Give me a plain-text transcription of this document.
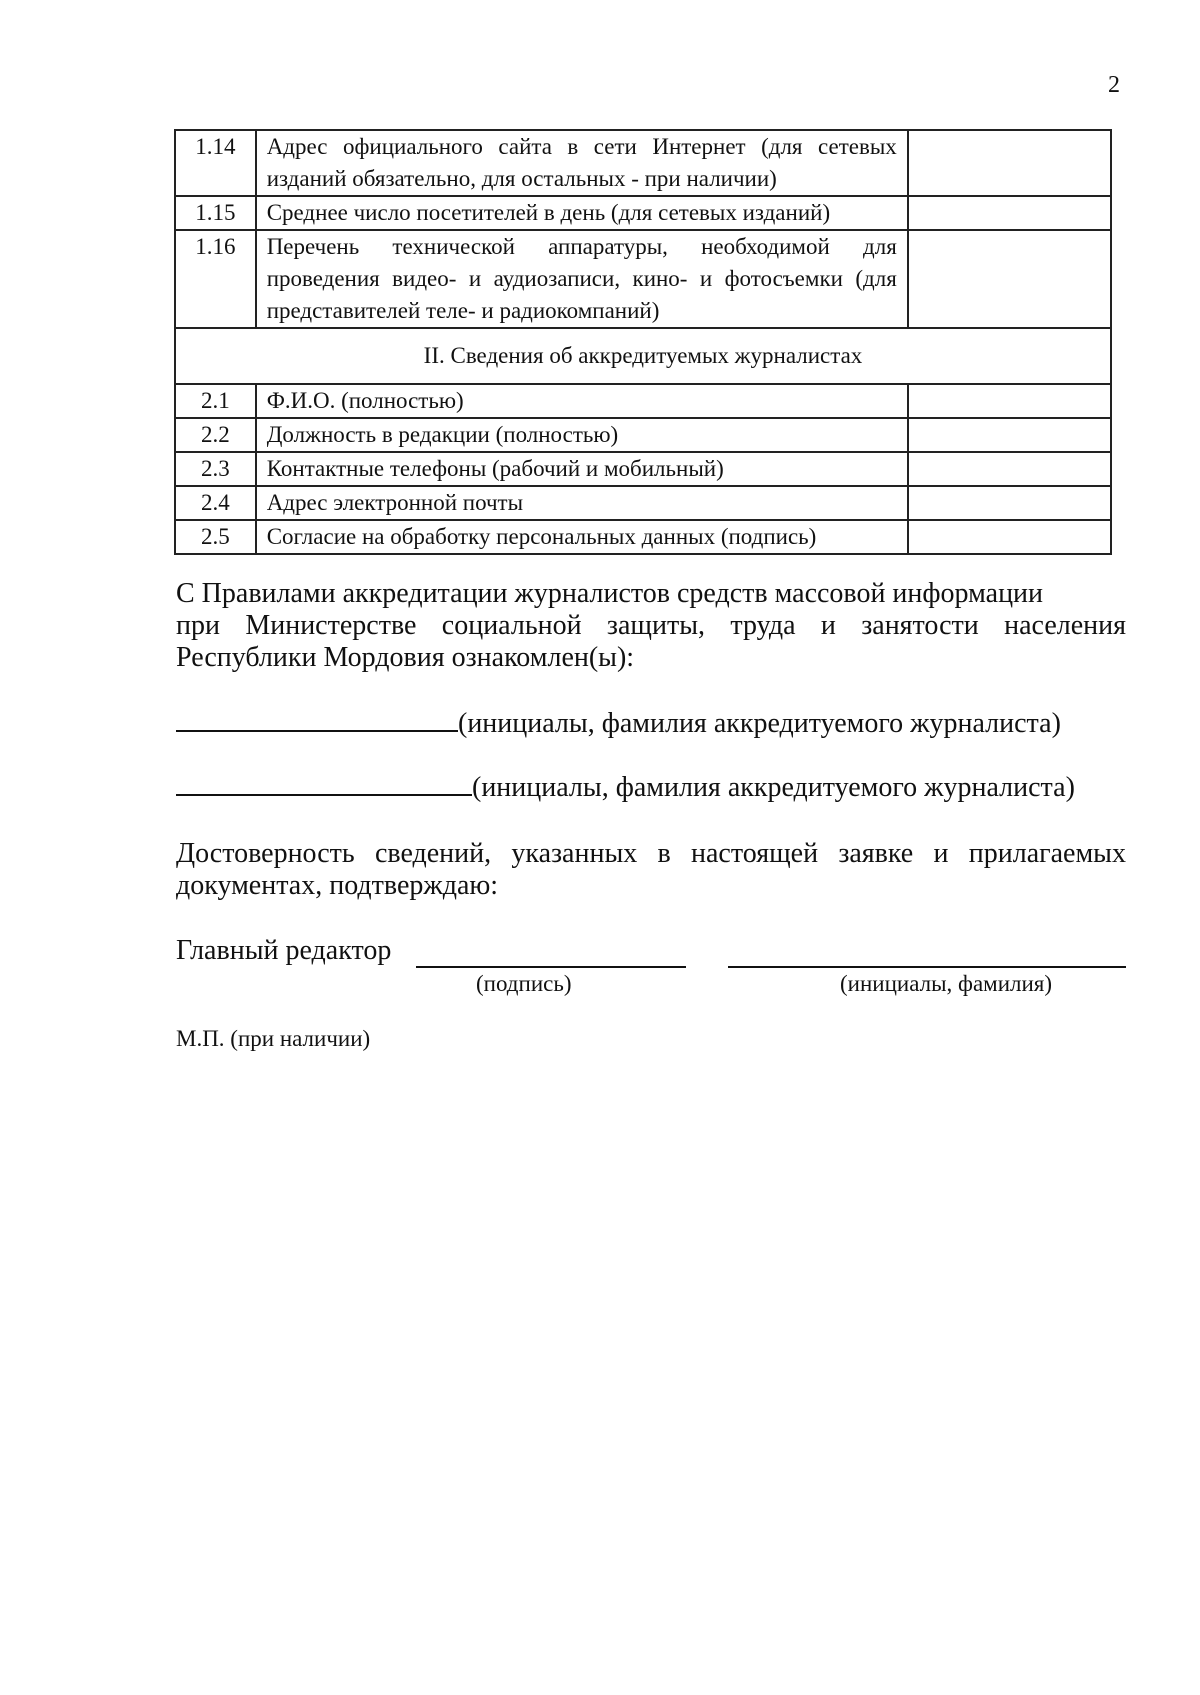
2
1.14	Адрес официального сайта в сети Интернет (для сетевых изданий обязательно, для остальных - при наличии)	
1.15	Среднее число посетителей в день (для сетевых изданий)	
1.16	Перечень технической аппаратуры, необходимой для проведения видео- и аудиозаписи, кино- и фотосъемки (для представителей теле- и радиокомпаний)	
II. Сведения об аккредитуемых журналистах		
2.1	Ф.И.О. (полностью)	
2.2	Должность в редакции (полностью)	
2.3	Контактные телефоны (рабочий и мобильный)	
2.4	Адрес электронной почты	
2.5	Согласие на обработку персональных данных (подпись)	
С Правилами аккредитации журналистов средств массовой информации
при Министерстве социальной защиты, труда и занятости населения
Республики Мордовия ознакомлен(ы):
(инициалы, фамилия аккредитуемого журналиста)
(инициалы, фамилия аккредитуемого журналиста)
Достоверность сведений, указанных в настоящей заявке и прилагаемых
документах, подтверждаю:
Главный редактор
(подпись)	(инициалы, фамилия)
М.П. (при наличии)
